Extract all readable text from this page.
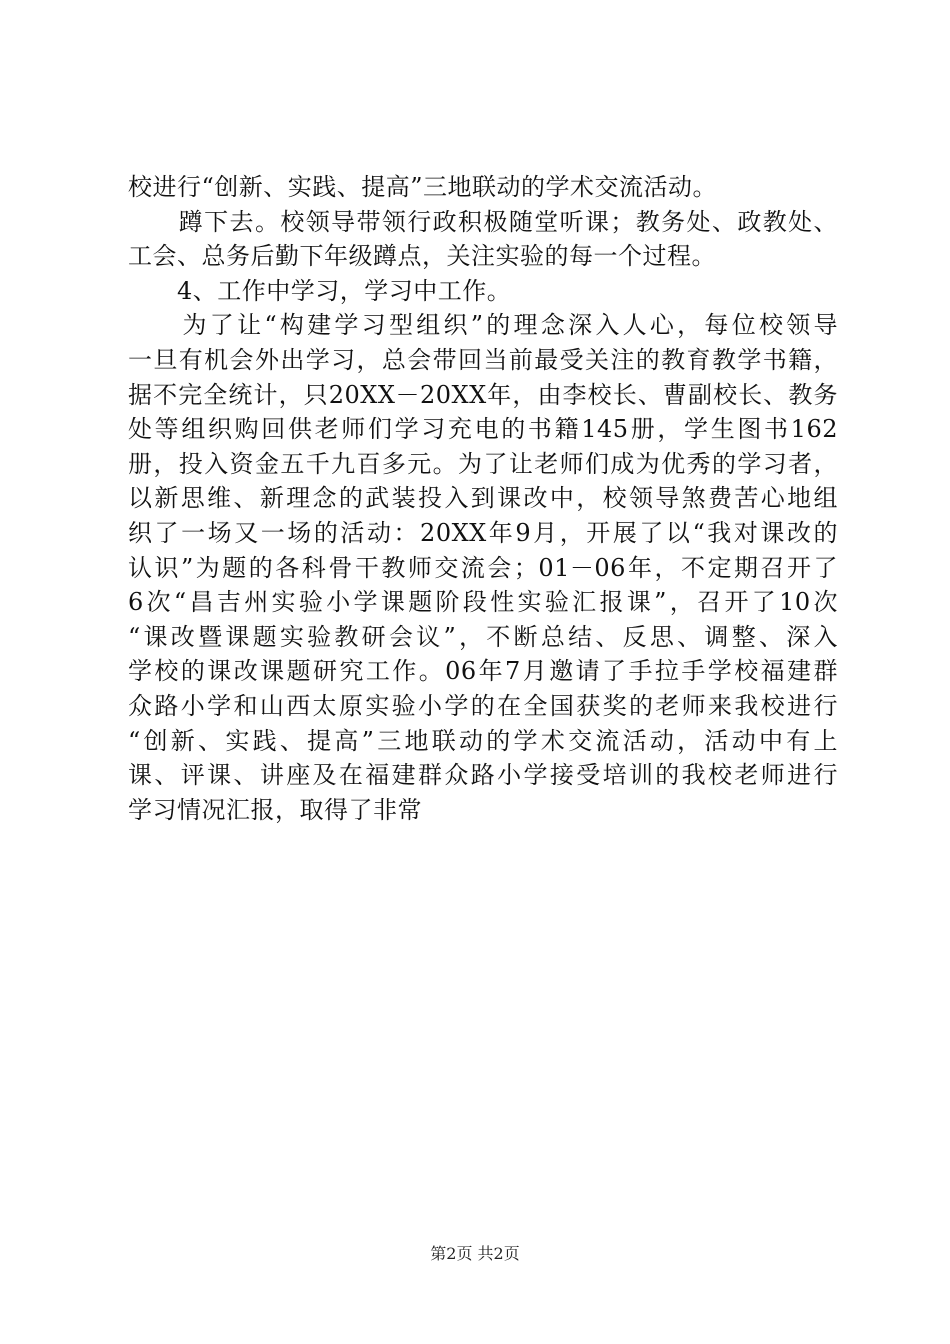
校进行“创新、实践、提高”三地联动的学术交流活动。
　　蹲下去。校领导带领行政积极随堂听课；教务处、政教处、
工会、总务后勤下年级蹲点，关注实验的每一个过程。
　　4、工作中学习，学习中工作。
　　为了让“构建学习型组织”的理念深入人心，每位校领导
一旦有机会外出学习，总会带回当前最受关注的教育教学书籍，
据不完全统计，只20XX－20XX年，由李校长、曹副校长、教务
处等组织购回供老师们学习充电的书籍145册，学生图书162
册，投入资金五千九百多元。为了让老师们成为优秀的学习者，
以新思维、新理念的武装投入到课改中，校领导煞费苦心地组
织了一场又一场的活动：20XX年9月，开展了以“我对课改的
认识”为题的各科骨干教师交流会；01－06年，不定期召开了
6次“昌吉州实验小学课题阶段性实验汇报课”，召开了10次
“课改暨课题实验教研会议”，不断总结、反思、调整、深入
学校的课改课题研究工作。06年7月邀请了手拉手学校福建群
众路小学和山西太原实验小学的在全国获奖的老师来我校进行
“创新、实践、提高”三地联动的学术交流活动，活动中有上
课、评课、讲座及在福建群众路小学接受培训的我校老师进行
学习情况汇报，取得了非常
第2页 共2页
